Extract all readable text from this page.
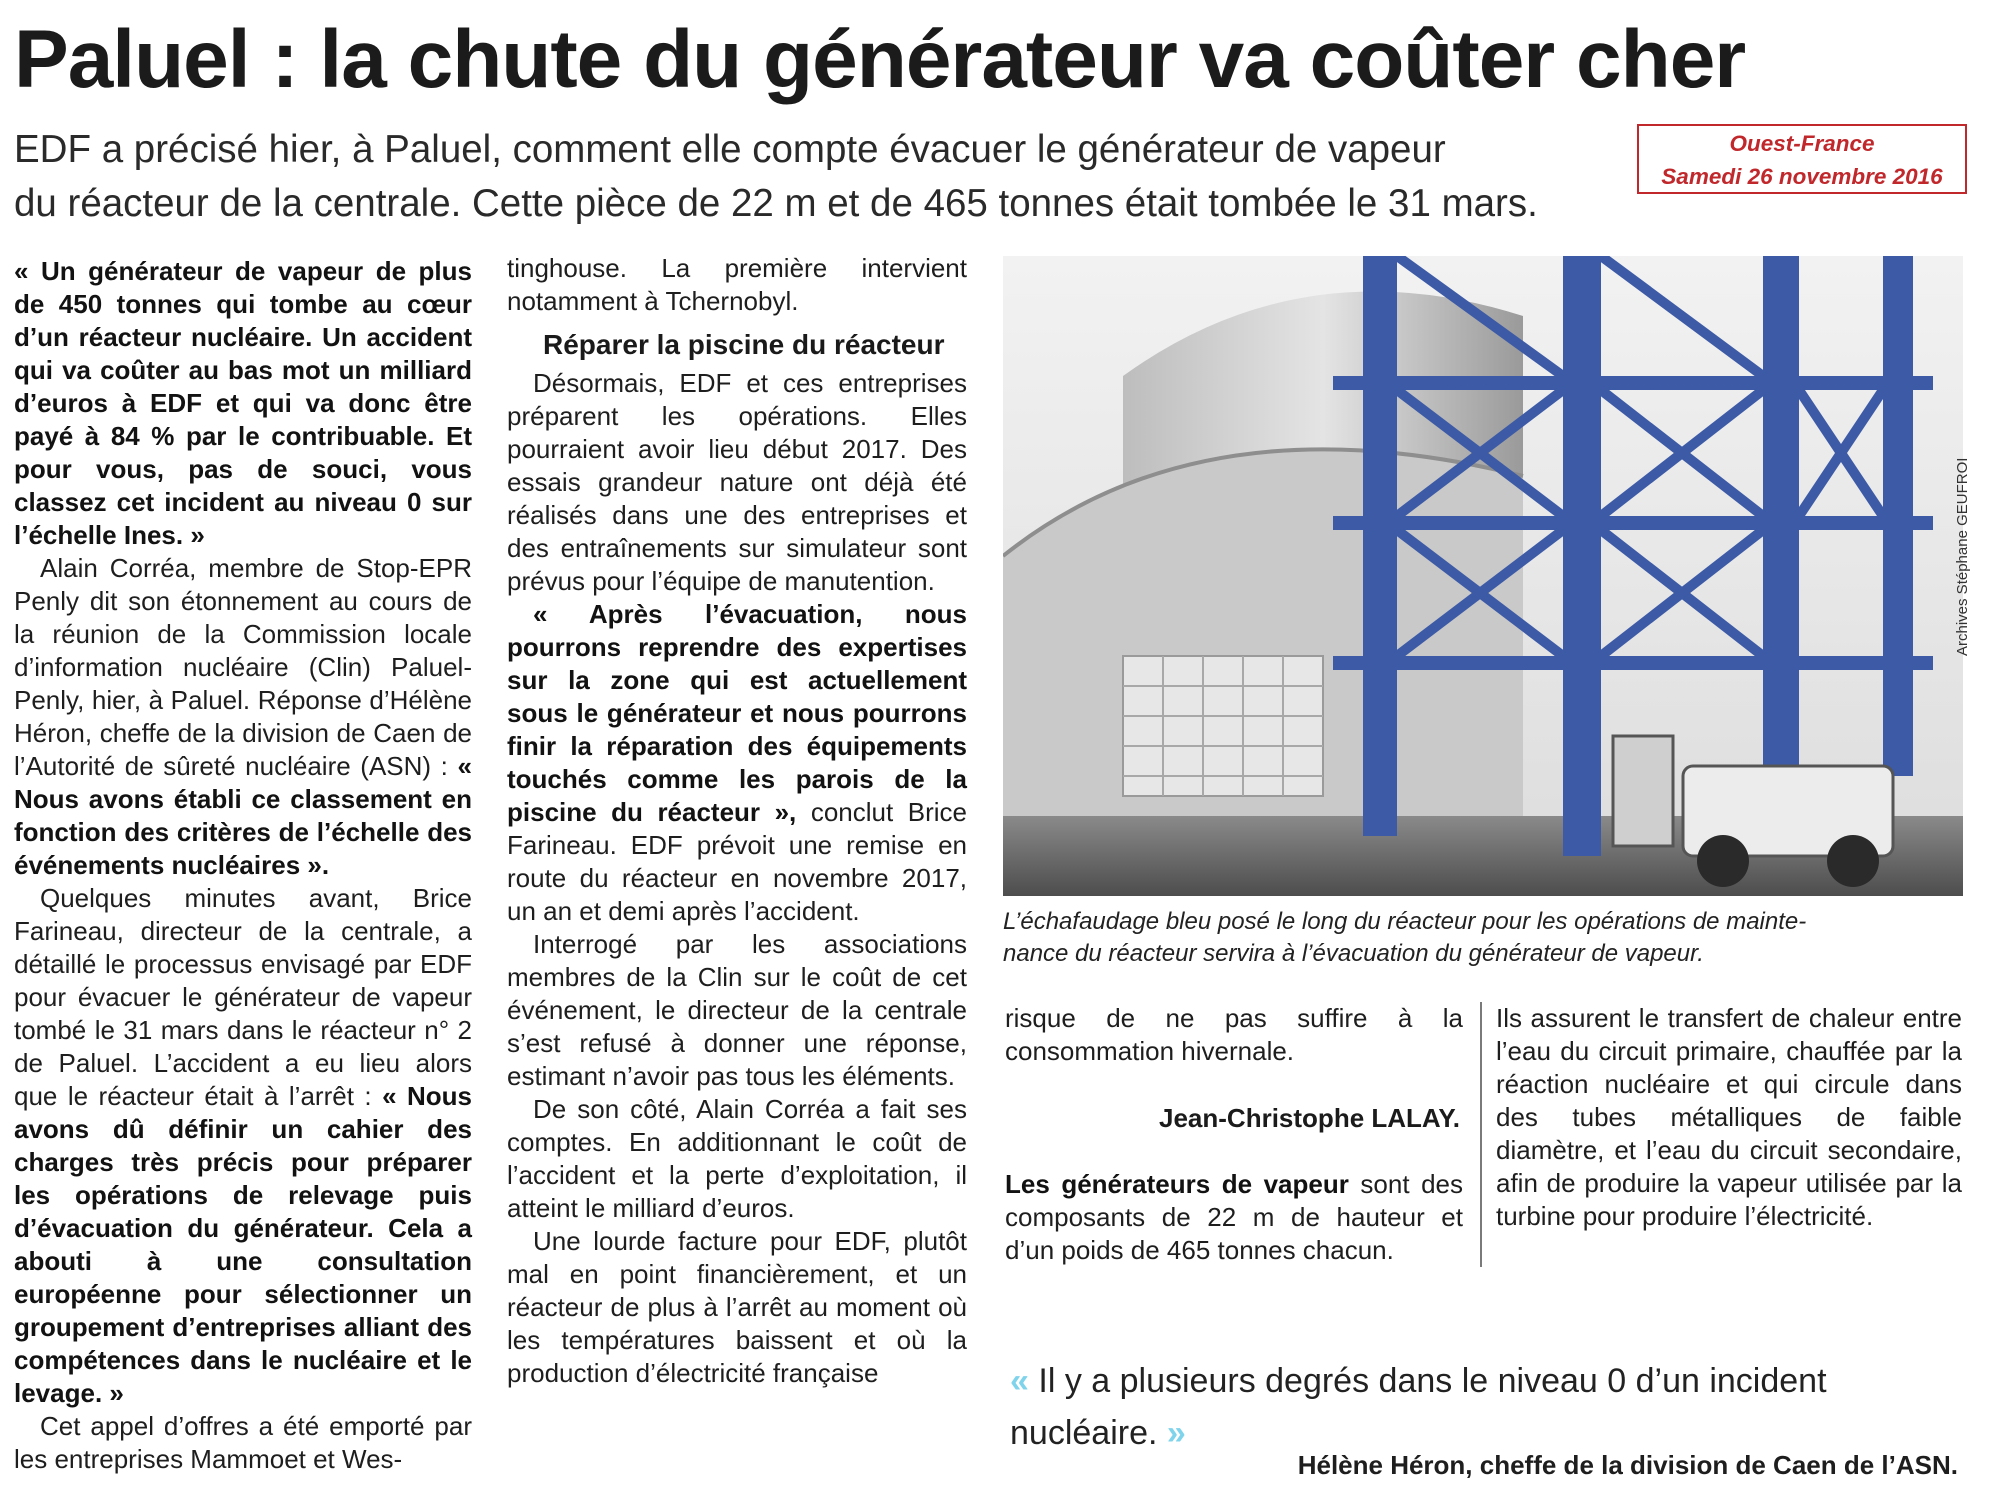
Paluel : la chute du générateur va coûter cher
EDF a précisé hier, à Paluel, comment elle compte évacuer le générateur de vapeur
du réacteur de la centrale. Cette pièce de 22 m et de 465 tonnes était tombée le 31 mars.
Ouest-France
Samedi 26 novembre 2016

« Un générateur de vapeur de plus de 450 tonnes qui tombe au cœur d’un réacteur nucléaire. Un accident qui va coûter au bas mot un milliard d’euros à EDF et qui va donc être payé à 84 % par le contribuable. Et pour vous, pas de souci, vous classez cet incident au niveau 0 sur l’échelle Ines. »

Alain Corréa, membre de Stop-EPR Penly dit son étonnement au cours de la réunion de la Commission locale d’information nucléaire (Clin) Paluel-Penly, hier, à Paluel. Réponse d’Hélène Héron, cheffe de la division de Caen de l’Autorité de sûreté nucléaire (ASN) : « Nous avons établi ce classement en fonction des critères de l’échelle des événements nucléaires ».

Quelques minutes avant, Brice Farineau, directeur de la centrale, a détaillé le processus envisagé par EDF pour évacuer le générateur de vapeur tombé le 31 mars dans le réacteur n° 2 de Paluel. L’accident a eu lieu alors que le réacteur était à l’arrêt : « Nous avons dû définir un cahier des charges très précis pour préparer les opérations de relevage puis d’évacuation du générateur. Cela a abouti à une consultation européenne pour sélectionner un groupement d’entreprises alliant des compétences dans le nucléaire et le levage. »

Cet appel d’offres a été emporté par les entreprises Mammoet et Wes-

tinghouse. La première intervient notamment à Tchernobyl.

Réparer la piscine du réacteur

Désormais, EDF et ces entreprises préparent les opérations. Elles pourraient avoir lieu début 2017. Des essais grandeur nature ont déjà été réalisés dans une des entreprises et des entraînements sur simulateur sont prévus pour l’équipe de manutention.

« Après l’évacuation, nous pourrons reprendre des expertises sur la zone qui est actuellement sous le générateur et nous pourrons finir la réparation des équipements touchés comme les parois de la piscine du réacteur », conclut Brice Farineau. EDF prévoit une remise en route du réacteur en novembre 2017, un an et demi après l’accident.

Interrogé par les associations membres de la Clin sur le coût de cet événement, le directeur de la centrale s’est refusé à donner une réponse, estimant n’avoir pas tous les éléments.

De son côté, Alain Corréa a fait ses comptes. En additionnant le coût de l’accident et la perte d’exploitation, il atteint le milliard d’euros.

Une lourde facture pour EDF, plutôt mal en point financièrement, et un réacteur de plus à l’arrêt au moment où les températures baissent et où la production d’électricité française

Archives Stéphane GEUFROI
L’échafaudage bleu posé le long du réacteur pour les opérations de mainte-
nance du réacteur servira à l’évacuation du générateur de vapeur.

risque de ne pas suffire à la consommation hivernale.

Jean-Christophe LALAY.

Les générateurs de vapeur sont des composants de 22 m de hauteur et d’un poids de 465 tonnes chacun.

Ils assurent le transfert de chaleur entre l’eau du circuit primaire, chauffée par la réaction nucléaire et qui circule dans des tubes métalliques de faible diamètre, et l’eau du circuit secondaire, afin de produire la vapeur utilisée par la turbine pour produire l’électricité.

« Il y a plusieurs degrés dans le niveau 0 d’un incident nucléaire. »
Hélène Héron, cheffe de la division de Caen de l’ASN.
